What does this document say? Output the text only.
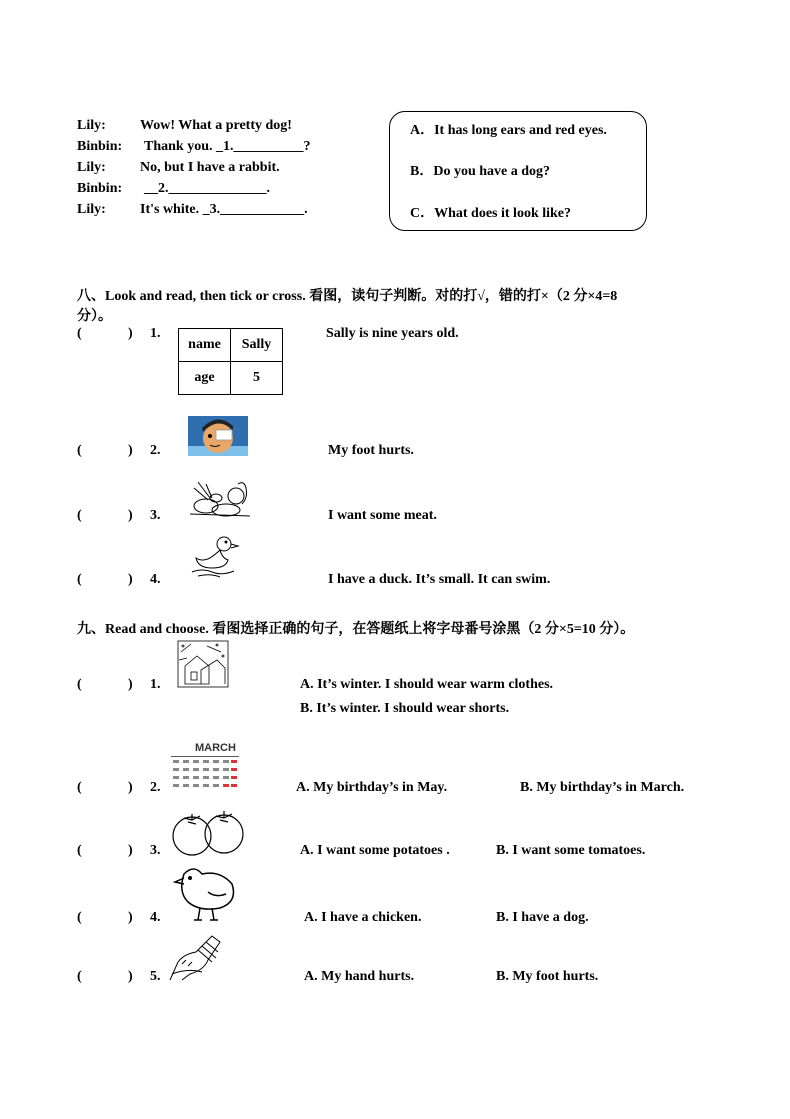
Lily: Wow! What a pretty dog!
Binbin: Thank you. _1.__________?
Lily: No, but I have a rabbit.
Binbin: __2.______________.
Lily: It's white. _3.____________.
A．It has long ears and red eyes.
B．Do you have a dog?
C．What does it look like?
八、Look and read, then tick or cross. 看图，读句子判断。对的打√，错的打×（2 分×4=8
分）。
(	) 1.
name	Sally
age	5
Sally is nine years old.
(	) 2.	My foot hurts.
(	) 3.	I want some meat.
(	) 4.	I have a duck. It’s small. It can swim.
九、Read and choose. 看图选择正确的句子，在答题纸上将字母番号涂黑（2 分×5=10 分）。
(	) 1.	A. It’s winter. I should wear warm clothes.
B. It’s winter. I should wear shorts.
(	) 2.
MARCH
A. My birthday’s in May.	B. My birthday’s in March.
(	) 3.	A. I want some potatoes .	B. I want some tomatoes.
(	) 4.	A. I have a chicken.	B. I have a dog.
(	) 5.	A. My hand hurts.	B. My foot hurts.
